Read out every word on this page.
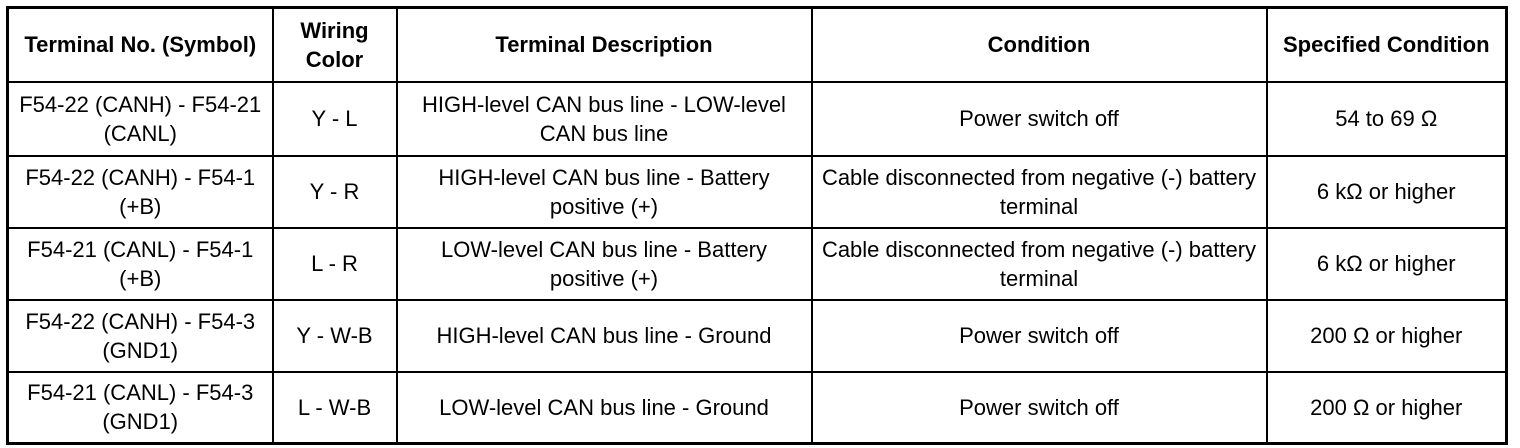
Terminal No. (Symbol)	Wiring Color	Terminal Description	Condition	Specified Condition
F54-22 (CANH) - F54-21 (CANL)	Y - L	HIGH-level CAN bus line - LOW-level CAN bus line	Power switch off	54 to 69 Ω
F54-22 (CANH) - F54-1 (+B)	Y - R	HIGH-level CAN bus line - Battery positive (+)	Cable disconnected from negative (-) battery terminal	6 kΩ or higher
F54-21 (CANL) - F54-1 (+B)	L - R	LOW-level CAN bus line - Battery positive (+)	Cable disconnected from negative (-) battery terminal	6 kΩ or higher
F54-22 (CANH) - F54-3 (GND1)	Y - W-B	HIGH-level CAN bus line - Ground	Power switch off	200 Ω or higher
F54-21 (CANL) - F54-3 (GND1)	L - W-B	LOW-level CAN bus line - Ground	Power switch off	200 Ω or higher
